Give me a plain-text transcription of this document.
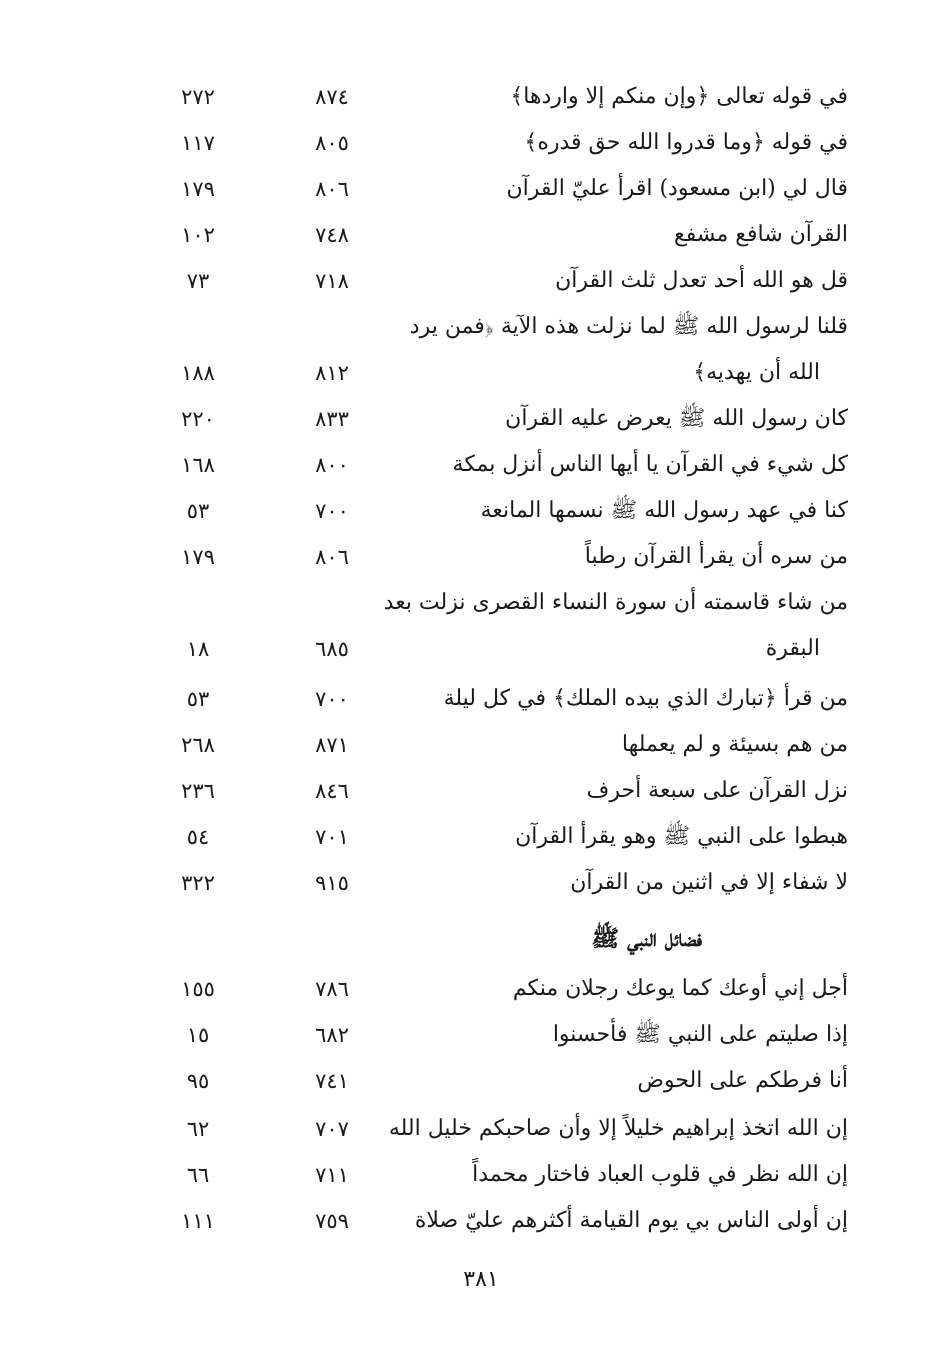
في قوله تعالى ﴿وإن منكم إلا واردها﴾
٨٧٤
٢٧٢
في قوله ﴿وما قدروا الله حق قدره﴾
٨٠٥
١١٧
قال لي (ابن مسعود) اقرأ عليّ القرآن
٨٠٦
١٧٩
القرآن شافع مشفع
٧٤٨
١٠٢
قل هو الله أحد تعدل ثلث القرآن
٧١٨
٧٣
قلنا لرسول الله ﷺ لما نزلت هذه الآية ﴿فمن يرد
الله أن يهديه﴾
٨١٢
١٨٨
كان رسول الله ﷺ يعرض عليه القرآن
٨٣٣
٢٢٠
كل شيء في القرآن يا أيها الناس أنزل بمكة
٨٠٠
١٦٨
كنا في عهد رسول الله ﷺ نسمها المانعة
٧٠٠
٥٣
من سره أن يقرأ القرآن رطباً
٨٠٦
١٧٩
من شاء قاسمته أن سورة النساء القصرى نزلت بعد
البقرة
٦٨٥
١٨
من قرأ ﴿تبارك الذي بيده الملك﴾ في كل ليلة
٧٠٠
٥٣
من هم بسيئة و لم يعملها
٨٧١
٢٦٨
نزل القرآن على سبعة أحرف
٨٤٦
٢٣٦
هبطوا على النبي ﷺ وهو يقرأ القرآن
٧٠١
٥٤
لا شفاء إلا في اثنين من القرآن
٩١٥
٣٢٢
فضائل النبي ﷺ
أجل إني أوعك كما يوعك رجلان منكم
٧٨٦
١٥٥
إذا صليتم على النبي ﷺ فأحسنوا
٦٨٢
١٥
أنا فرطكم على الحوض
٧٤١
٩٥
إن الله اتخذ إبراهيم خليلاً إلا وأن صاحبكم خليل الله
٧٠٧
٦٢
إن الله نظر في قلوب العباد فاختار محمداً
٧١١
٦٦
إن أولى الناس بي يوم القيامة أكثرهم عليّ صلاة
٧٥٩
١١١
٣٨١
